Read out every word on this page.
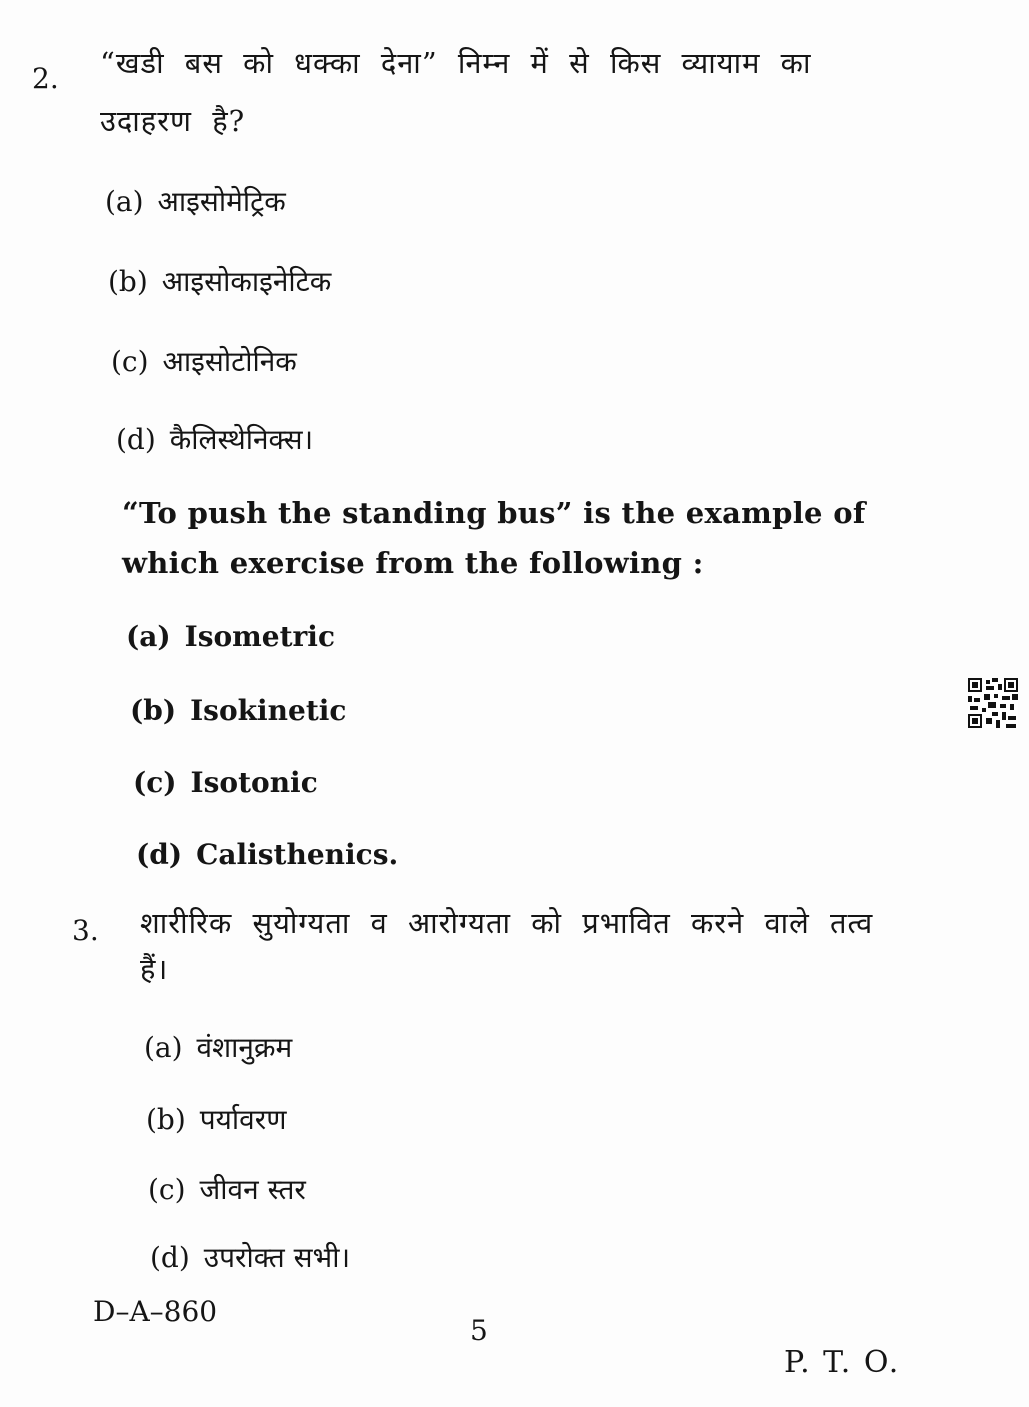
2. “खडी बस को धक्का देना” निम्न में से किस व्यायाम का उदाहरण है?
(a) आइसोमेट्रिक
(b) आइसोकाइनेटिक
(c) आइसोटोनिक
(d) कैलिस्थेनिक्स।
“To push the standing bus” is the example of which exercise from the following :
(a) Isometric
(b) Isokinetic
(c) Isotonic
(d) Calisthenics.
3. शारीरिक सुयोग्यता व आरोग्यता को प्रभावित करने वाले तत्व हैं।
(a) वंशानुक्रम
(b) पर्यावरण
(c) जीवन स्तर
(d) उपरोक्त सभी।
D–A–860
5
P. T. O.
